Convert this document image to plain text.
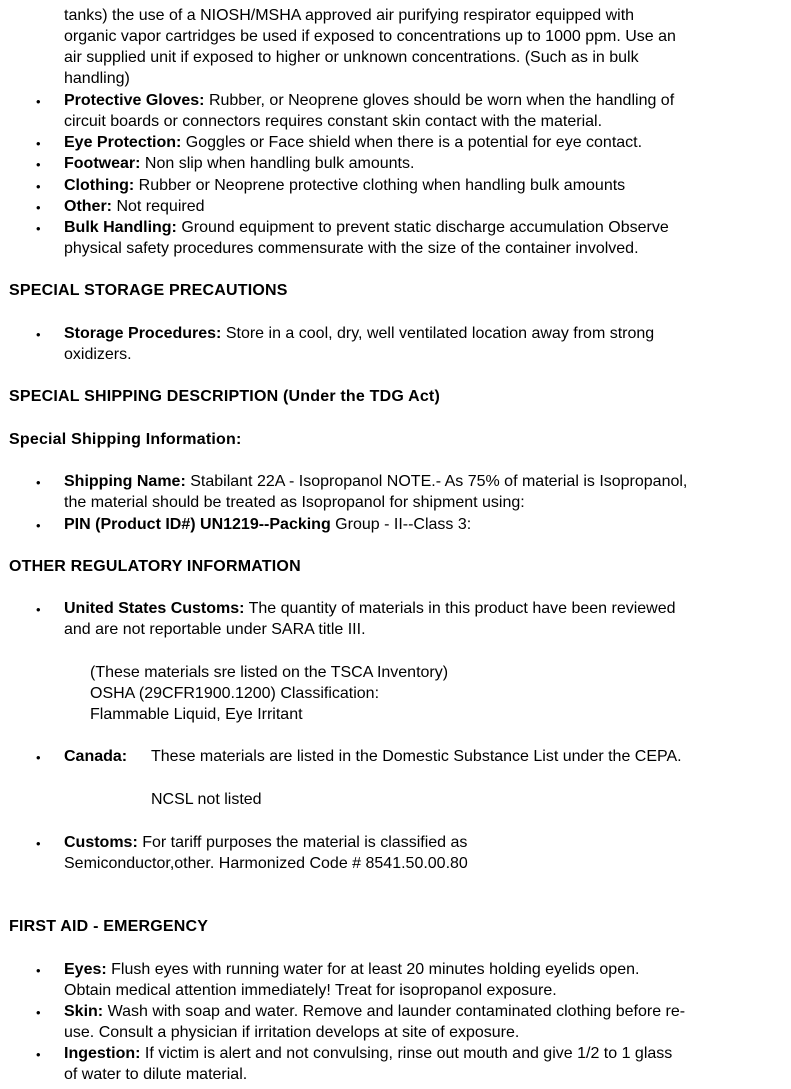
tanks) the use of a NIOSH/MSHA approved air purifying respirator equipped with
organic vapor cartridges be used if exposed to concentrations up to 1000 ppm. Use an
air supplied unit if exposed to higher or unknown concentrations. (Such as in bulk
handling)
• Protective Gloves: Rubber, or Neoprene gloves should be worn when the handling of
circuit boards or connectors requires constant skin contact with the material.
• Eye Protection: Goggles or Face shield when there is a potential for eye contact.
• Footwear: Non slip when handling bulk amounts.
• Clothing: Rubber or Neoprene protective clothing when handling bulk amounts
• Other: Not required
• Bulk Handling: Ground equipment to prevent static discharge accumulation Observe
physical safety procedures commensurate with the size of the container involved.
SPECIAL STORAGE PRECAUTIONS
• Storage Procedures: Store in a cool, dry, well ventilated location away from strong
oxidizers.
SPECIAL SHIPPING DESCRIPTION (Under the TDG Act)
Special Shipping Information:
• Shipping Name: Stabilant 22A - Isopropanol NOTE.- As 75% of material is Isopropanol,
the material should be treated as Isopropanol for shipment using:
• PIN (Product ID#) UN1219--Packing Group - II--Class 3:
OTHER REGULATORY INFORMATION
• United States Customs: The quantity of materials in this product have been reviewed
and are not reportable under SARA title III.
(These materials sre listed on the TSCA Inventory)
OSHA (29CFR1900.1200) Classification:
Flammable Liquid, Eye Irritant
• Canada:	These materials are listed in the Domestic Substance List under the CEPA.
NCSL not listed
• Customs: For tariff purposes the material is classified as
Semiconductor,other. Harmonized Code # 8541.50.00.80
FIRST AID - EMERGENCY
• Eyes: Flush eyes with running water for at least 20 minutes holding eyelids open.
Obtain medical attention immediately! Treat for isopropanol exposure.
• Skin: Wash with soap and water. Remove and launder contaminated clothing before re-
use. Consult a physician if irritation develops at site of exposure.
• Ingestion: If victim is alert and not convulsing, rinse out mouth and give 1/2 to 1 glass
of water to dilute material.
